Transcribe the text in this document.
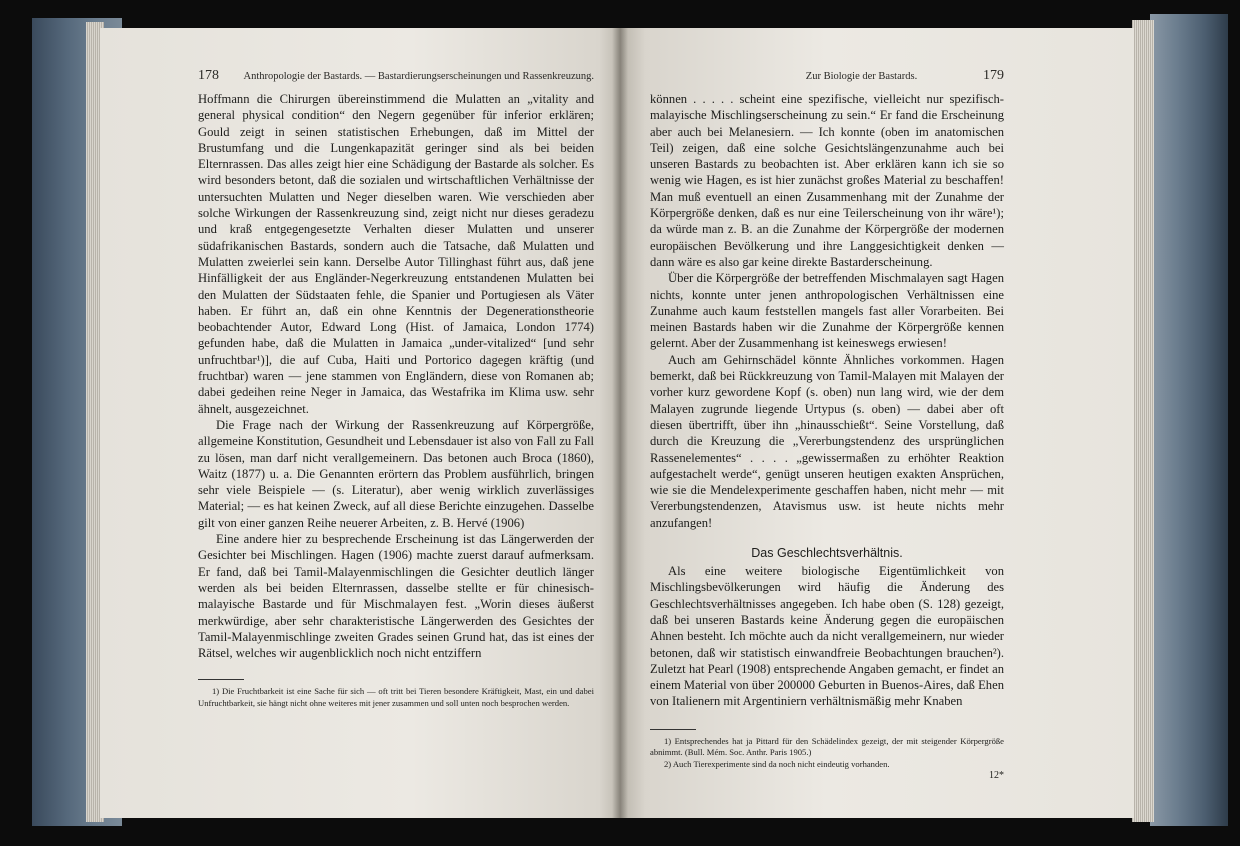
178 Anthropologie der Bastards. — Bastardierungserscheinungen und Rassenkreuzung.

Hoffmann die Chirurgen übereinstimmend die Mulatten an „vitality and general physical condition“ den Negern gegenüber für inferior erklären; Gould zeigt in seinen statistischen Erhebungen, daß im Mittel der Brustumfang und die Lungenkapazität geringer sind als bei beiden Elternrassen. Das alles zeigt hier eine Schädigung der Bastarde als solcher. Es wird besonders betont, daß die sozialen und wirtschaftlichen Verhältnisse der untersuchten Mulatten und Neger dieselben waren. Wie verschieden aber solche Wirkungen der Rassenkreuzung sind, zeigt nicht nur dieses geradezu und kraß entgegengesetzte Verhalten dieser Mulatten und unserer südafrikanischen Bastards, sondern auch die Tatsache, daß Mulatten und Mulatten zweierlei sein kann. Derselbe Autor Tillinghast führt aus, daß jene Hinfälligkeit der aus Engländer-Negerkreuzung entstandenen Mulatten bei den Mulatten der Südstaaten fehle, die Spanier und Portugiesen als Väter haben. Er führt an, daß ein ohne Kenntnis der Degenerationstheorie beobachtender Autor, Edward Long (Hist. of Jamaica, London 1774) gefunden habe, daß die Mulatten in Jamaica „under-vitalized“ [und sehr unfruchtbar¹)], die auf Cuba, Haiti und Portorico dagegen kräftig (und fruchtbar) waren — jene stammen von Engländern, diese von Romanen ab; dabei gedeihen reine Neger in Jamaica, das Westafrika im Klima usw. sehr ähnelt, ausgezeichnet.

Die Frage nach der Wirkung der Rassenkreuzung auf Körpergröße, allgemeine Konstitution, Gesundheit und Lebensdauer ist also von Fall zu Fall zu lösen, man darf nicht verallgemeinern. Das betonen auch Broca (1860), Waitz (1877) u. a. Die Genannten erörtern das Problem ausführlich, bringen sehr viele Beispiele — (s. Literatur), aber wenig wirklich zuverlässiges Material; — es hat keinen Zweck, auf all diese Berichte einzugehen. Dasselbe gilt von einer ganzen Reihe neuerer Arbeiten, z. B. Hervé (1906)

Eine andere hier zu besprechende Erscheinung ist das Längerwerden der Gesichter bei Mischlingen. Hagen (1906) machte zuerst darauf aufmerksam. Er fand, daß bei Tamil-Malayenmischlingen die Gesichter deutlich länger werden als bei beiden Elternrassen, dasselbe stellte er für chinesisch-malayische Bastarde und für Mischmalayen fest. „Worin dieses äußerst merkwürdige, aber sehr charakteristische Längerwerden des Gesichtes der Tamil-Malayenmischlinge zweiten Grades seinen Grund hat, das ist eines der Rätsel, welches wir augenblicklich noch nicht entziffern

1) Die Fruchtbarkeit ist eine Sache für sich — oft tritt bei Tieren besondere Kräftigkeit, Mast, ein und dabei Unfruchtbarkeit, sie hängt nicht ohne weiteres mit jener zusammen und soll unten noch besprochen werden.

Zur Biologie der Bastards.	179

können . . . . . scheint eine spezifische, vielleicht nur spezifisch-malayische Mischlingserscheinung zu sein.“ Er fand die Erscheinung aber auch bei Melanesiern. — Ich konnte (oben im anatomischen Teil) zeigen, daß eine solche Gesichtslängenzunahme auch bei unseren Bastards zu beobachten ist. Aber erklären kann ich sie so wenig wie Hagen, es ist hier zunächst großes Material zu beschaffen! Man muß eventuell an einen Zusammenhang mit der Zunahme der Körpergröße denken, daß es nur eine Teilerscheinung von ihr wäre¹); da würde man z. B. an die Zunahme der Körpergröße der modernen europäischen Bevölkerung und ihre Langgesichtigkeit denken — dann wäre es also gar keine direkte Bastarderscheinung.

Über die Körpergröße der betreffenden Mischmalayen sagt Hagen nichts, konnte unter jenen anthropologischen Verhältnissen eine Zunahme auch kaum feststellen mangels fast aller Vorarbeiten. Bei meinen Bastards haben wir die Zunahme der Körpergröße kennen gelernt. Aber der Zusammenhang ist keineswegs erwiesen!

Auch am Gehirnschädel könnte Ähnliches vorkommen. Hagen bemerkt, daß bei Rückkreuzung von Tamil-Malayen mit Malayen der vorher kurz gewordene Kopf (s. oben) nun lang wird, wie der dem Malayen zugrunde liegende Urtypus (s. oben) — dabei aber oft diesen übertrifft, über ihn „hinausschießt“. Seine Vorstellung, daß durch die Kreuzung die „Vererbungstendenz des ursprünglichen Rassenelementes“ . . . . „gewissermaßen zu erhöhter Reaktion aufgestachelt werde“, genügt unseren heutigen exakten Ansprüchen, wie sie die Mendelexperimente geschaffen haben, nicht mehr — mit Vererbungstendenzen, Atavismus usw. ist heute nichts mehr anzufangen!

Das Geschlechtsverhältnis.

Als eine weitere biologische Eigentümlichkeit von Mischlingsbevölkerungen wird häufig die Änderung des Geschlechtsverhältnisses angegeben. Ich habe oben (S. 128) gezeigt, daß bei unseren Bastards keine Änderung gegen die europäischen Ahnen besteht. Ich möchte auch da nicht verallgemeinern, nur wieder betonen, daß wir statistisch einwandfreie Beobachtungen brauchen²). Zuletzt hat Pearl (1908) entsprechende Angaben gemacht, er findet an einem Material von über 200000 Geburten in Buenos-Aires, daß Ehen von Italienern mit Argentiniern verhältnismäßig mehr Knaben

1) Entsprechendes hat ja Pittard für den Schädelindex gezeigt, der mit steigender Körpergröße abnimmt. (Bull. Mém. Soc. Anthr. Paris 1905.)

2) Auch Tierexperimente sind da noch nicht eindeutig vorhanden.

12*
